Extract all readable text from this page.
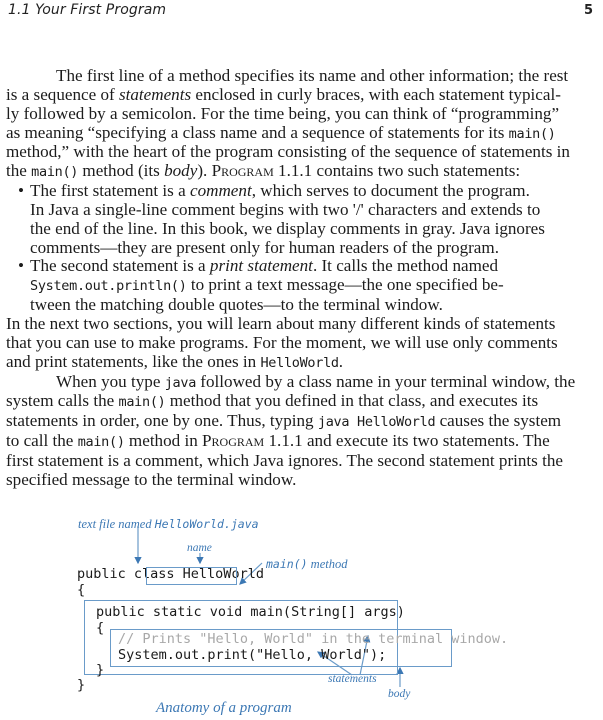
1.1 Your First Program	5
The first line of a method specifies its name and other information; the rest
is a sequence of statements enclosed in curly braces, with each statement typical-
ly followed by a semicolon. For the time being, you can think of “programming”
as meaning “specifying a class name and a sequence of statements for its main()
method,” with the heart of the program consisting of the sequence of statements in
the main() method (its body). Program 1.1.1 contains two such statements:
• The first statement is a comment, which serves to document the program.
In Java a single-line comment begins with two '/' characters and extends to
the end of the line. In this book, we display comments in gray. Java ignores
comments—they are present only for human readers of the program.
• The second statement is a print statement. It calls the method named
System.out.println() to print a text message—the one specified be-
tween the matching double quotes—to the terminal window.
In the next two sections, you will learn about many different kinds of statements
that you can use to make programs. For the moment, we will use only comments
and print statements, like the ones in HelloWorld.
When you type java followed by a class name in your terminal window, the
system calls the main() method that you defined in that class, and executes its
statements in order, one by one. Thus, typing java HelloWorld causes the system
to call the main() method in Program 1.1.1 and execute its two statements. The
first statement is a comment, which Java ignores. The second statement prints the
specified message to the terminal window.
text file named HelloWorld.java
name
main() method
public class HelloWorld
{
public static void main(String[] args)
{
// Prints "Hello, World" in the terminal window.
System.out.print("Hello, World");
}
}	statements
body
Anatomy of a program
